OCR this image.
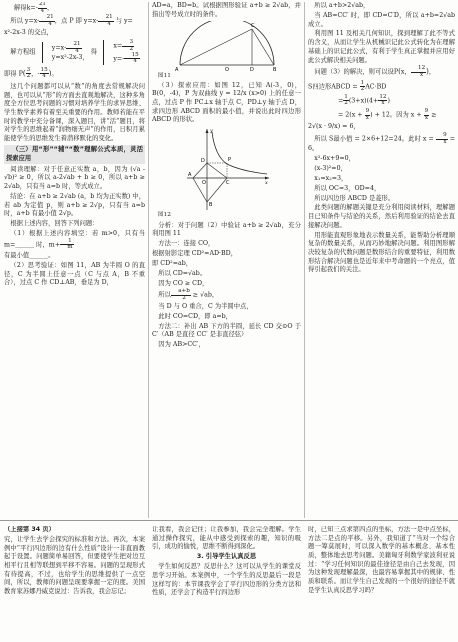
解得$k=- \frac{21}{4}$ ，

所以 $y=x- \frac{21}{4}$ ，点 P 即 $y=x- \frac{21}{4}$ 与 y=

x²-2x-3 的交点，

解方程组
$y=x- \frac{21}{4}$
y=x²-2x-3，
得
$x= \frac{3}{2}$
$y=- \frac{15}{4}$

即得 $P( \frac{3}{2}$ ，- $\frac{15}{4}$ )。

这几个问题都可以从“数”的角度去常规解决问题，也可以从“形”的方面去直观地解决，这种多角度全方位思考问题的习惯对培养学生的求异思维、学生数学素养有着至关重要的作用。教师若能在平时的教学中充分备课，深入题目，讲“活”题目，将对学生的思维起着“润物细无声”的作用，日积月累能使学生的思维发生着潜移默化的变化。

（三）用“形”“辅”“数”理解公式本质，灵活探索应用

阅读理解：对于任意正实数 a，b，因为 (√a - √b)² ≥ 0，所以 a-2√ab + b ≥ 0，所以 a+b ≥ 2√ab，只有当 a=b 时，等式成立。

结论：在 a+b ≥ 2√ab (a，b 均为正实数) 中，若 ab 为定值 p，则 a+b ≥ 2√p，只有当 a=b 时，a+b 有最小值 2√p。

根据上述内容，回答下列问题：

（1）根据上述内容填空：若 m>0，只有当 m=______ 时，$m+ \frac{1}{m}$

有最小值______。

（2）思考验证：如图 11，AB 为半圆 O 的直径，C 为半圆上任意一点（C 与点 A，B 不重合），过点 C 作 CD⊥AB，垂足为 D，

AD=a，BD=b。试根据图形验证 a+b ≥ 2√ab，并指出等号成立时的条件。

C
A	O	D	B

图11

（3）探索应用：如图 12，已知 A(-3，0)，B(0，-4)，P 为双曲线 y = 12/x (x>0) 上的任意一点，过点 P 作 PC⊥x 轴于点 C，PD⊥y 轴于点 D，求四边形 ABCD 面积的最小值，并说出此时四边形 ABCD 的形状。

y
D	P
A
O	C	x
B

图12

分析：对于问题（2）中验证 a+b ≥ 2√ab，充分利用图 11

方法一：连接 CO，

根据射影定理 CD²=AD·BD，

即 CD²=ab，

所以 CD=√ab。

因为 CO ≥ CD，

所以 $\frac{a+b}{2} \ge √ab$，

当 D 与 O 重合，C 为半圆中点，

此时 CO=CD，即 a=b，

方法二：补出 AB 下方的半圆，延长 CD 交⊙O 于 C′（AB 是直径 CC′ 是非直径弦）

因为 AB>CC′，

所以 a+b>2√ab，

当 AB=CC′ 时，即 CD=C′D，所以 a+b=2√ab 成立。

利用图 11 及相关几何知识，探到理解了此不等式的含义，从而让学生从机械识记此公式转化为在理解基础上的识记此公式，有利于学生真正掌握并应用好此公式解决相关问题。

问题（3）的解决，则可以设P(x， $\frac{12}{x}$ )，

S四边形ABCD = $\frac{1}{2} AC\cdot BD$

= $\frac{1}{2} (3+x)(4+ \frac{12}{x}$ )

= $2(x + \frac{9}{x}$ ) + 12。因为 $x + \frac{9}{x}$ ≥

2√(x · 9/x) = 6，

所以 S最小值 = 2×6+12=24。此时 $x = \frac{9}{x} = 6$。

x²-6x+9=0，

(x-3)²=0，

x₁=x₂=3，

所以 OC=3，OD=4，

所以四边形 ABCD 是菱形。

此类问题的解题关键是充分利用阅读材料，理解题目已知条件与结论的关系，然后利用验证的结论去直接解决问题。

用形能直观形象地表示数量关系，能帮助分析理顺复杂的数量关系，从而巧妙地解决问题。利用图形解决较复杂的代数问题是数形结合的重要特征，利用数形结合解决问题也是近年来中考命题的一个亮点，值得引起我们的关注。

（上接第 34 页）

究，让学生去学会探究的标准和方法。再次，本案例中“平行四边形的边有什么性质”设计一非直面教起于设置。问题简单易回答，但要使学生把对边互相平行且相等联想到平移不容易。问题的呈现形式有待提高，不过，也给学生的思维提供了一点空间，所以，教师的问题呈现要掌握一定的度。美国教育家苏娜丹威克说过：告诉我，我会忘记；

让我看，我会记住；让我参加，我会完全理解。学生通过操作探究，能从中感受到探索的趣，知识的吸引，成功的愉悦，思维不断得到深化。

3. 引导学生认真反思

学生如何反思？反思什么？这可以从学生的课堂反思学习开始。本案例中，一个学生的反思最后一段是这样写的：本节课我学会了平行四边形的分类方法和性质，还学会了构造平行四边形

时，已知三点求第四点的坐标，方法一是中点坐标，方法二是点的平移。另外，我知道了“当对一个综合题一筹莫展时，可以深入数学的基本概念、基本性质，整体地去思考问题。美籍匈牙利数学家波利亚说过：“学习任何知识的最佳途径是由自己去发现，因为这种发现理解最深，也最容易掌握其中的规律、性质和联系。而让学生自己发现的一个很好的途径不就是学生认真反思学习吗？
